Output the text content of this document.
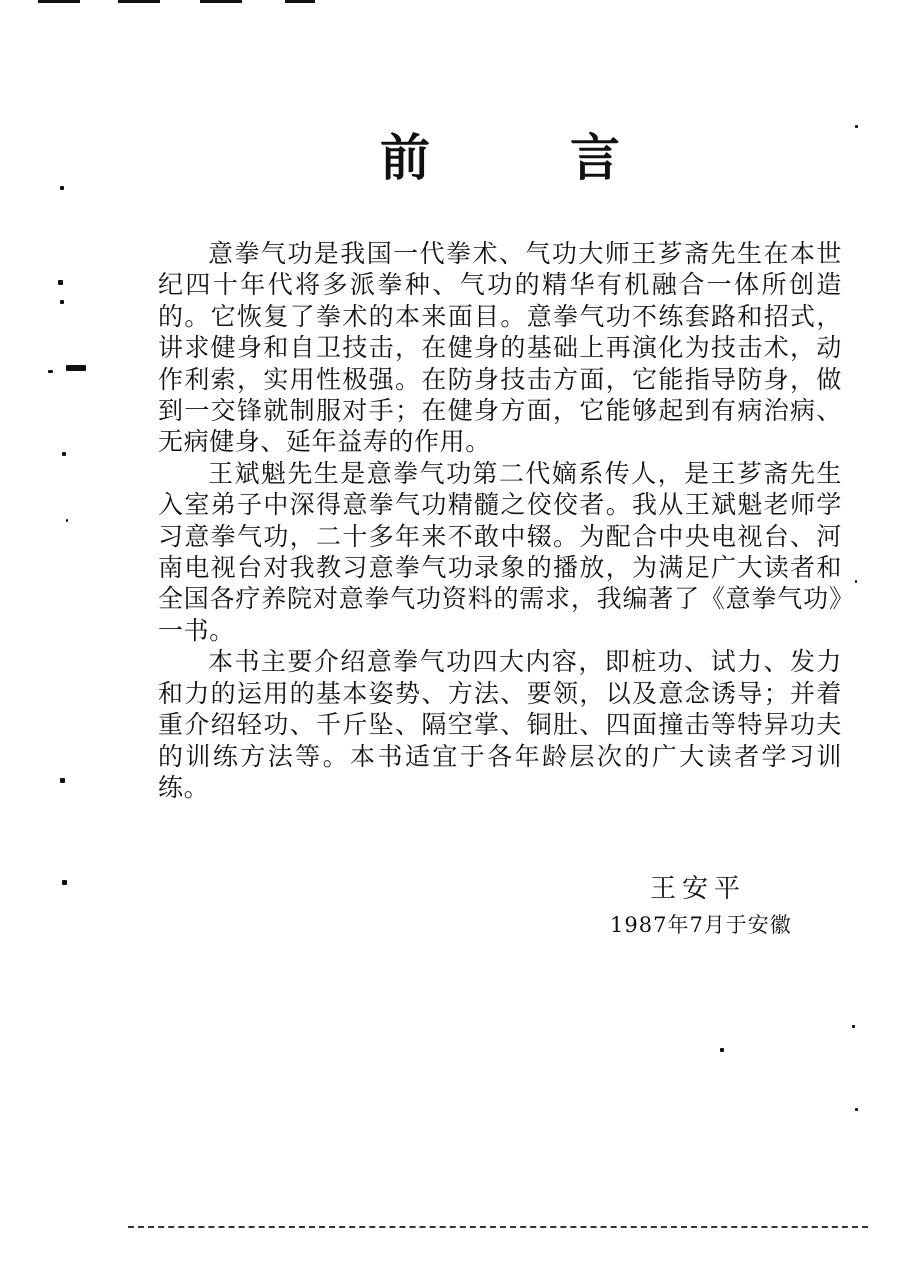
前	言

意拳气功是我国一代拳术、气功大师王芗斋先生在本世纪四十年代将多派拳种、气功的精华有机融合一体所创造的。它恢复了拳术的本来面目。意拳气功不练套路和招式，讲求健身和自卫技击，在健身的基础上再演化为技击术，动作利索，实用性极强。在防身技击方面，它能指导防身，做到一交锋就制服对手；在健身方面，它能够起到有病治病、无病健身、延年益寿的作用。

王斌魁先生是意拳气功第二代嫡系传人，是王芗斋先生入室弟子中深得意拳气功精髓之佼佼者。我从王斌魁老师学习意拳气功，二十多年来不敢中辍。为配合中央电视台、河南电视台对我教习意拳气功录象的播放，为满足广大读者和全国各疗养院对意拳气功资料的需求，我编著了《意拳气功》一书。

本书主要介绍意拳气功四大内容，即桩功、试力、发力和力的运用的基本姿势、方法、要领，以及意念诱导；并着重介绍轻功、千斤坠、隔空掌、铜肚、四面撞击等特异功夫的训练方法等。本书适宜于各年龄层次的广大读者学习训练。

王安平

1987年7月于安徽
